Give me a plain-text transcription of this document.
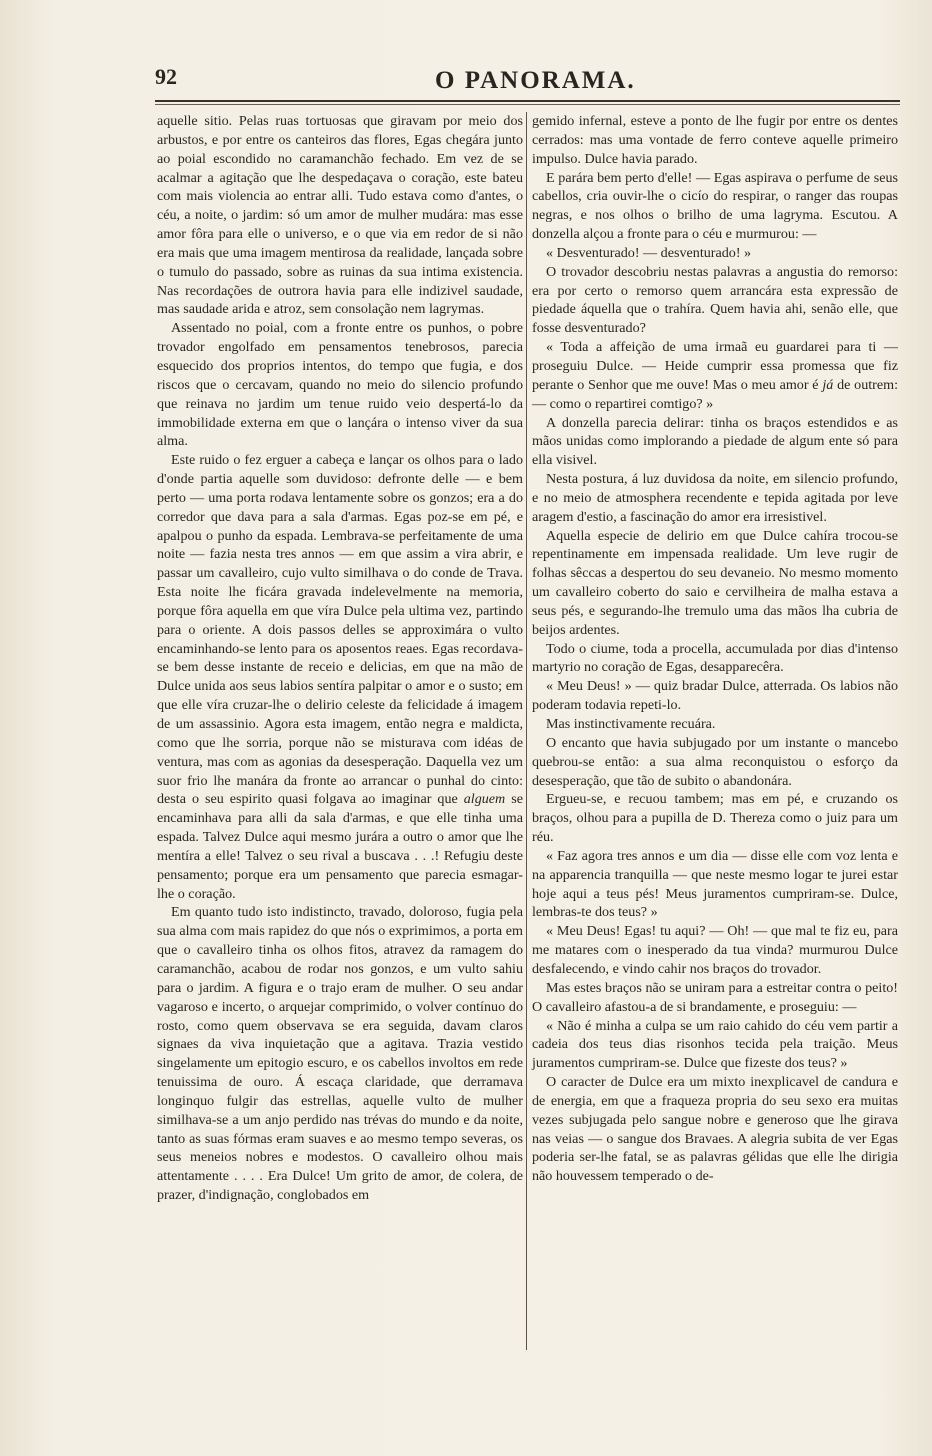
92	O PANORAMA.

aquelle sitio. Pelas ruas tortuosas que giravam por meio dos arbustos, e por entre os canteiros das flores, Egas chegára junto ao poial escondido no caramanchão fechado. Em vez de se acalmar a agitação que lhe despedaçava o coração, este bateu com mais violencia ao entrar alli. Tudo estava como d'antes, o céu, a noite, o jardim: só um amor de mulher mudára: mas esse amor fôra para elle o universo, e o que via em redor de si não era mais que uma imagem mentirosa da realidade, lançada sobre o tumulo do passado, sobre as ruinas da sua intima existencia. Nas recordações de outrora havia para elle indizivel saudade, mas saudade arida e atroz, sem consolação nem lagrymas.

Assentado no poial, com a fronte entre os punhos, o pobre trovador engolfado em pensamentos tenebrosos, parecia esquecido dos proprios intentos, do tempo que fugia, e dos riscos que o cercavam, quando no meio do silencio profundo que reinava no jardim um tenue ruido veio despertá-lo da immobilidade externa em que o lançára o intenso viver da sua alma.

Este ruido o fez erguer a cabeça e lançar os olhos para o lado d'onde partia aquelle som duvidoso: defronte delle — e bem perto — uma porta rodava lentamente sobre os gonzos; era a do corredor que dava para a sala d'armas. Egas poz-se em pé, e apalpou o punho da espada. Lembrava-se perfeitamente de uma noite — fazia nesta tres annos — em que assim a vira abrir, e passar um cavalleiro, cujo vulto similhava o do conde de Trava. Esta noite lhe ficára gravada indelevelmente na memoria, porque fôra aquella em que víra Dulce pela ultima vez, partindo para o oriente. A dois passos delles se approximára o vulto encaminhando-se lento para os aposentos reaes. Egas recordava-se bem desse instante de receio e delicias, em que na mão de Dulce unida aos seus labios sentíra palpitar o amor e o susto; em que elle víra cruzar-lhe o delirio celeste da felicidade á imagem de um assassinio. Agora esta imagem, então negra e maldicta, como que lhe sorria, porque não se misturava com idéas de ventura, mas com as agonias da desesperação. Daquella vez um suor frio lhe manára da fronte ao arrancar o punhal do cinto: desta o seu espirito quasi folgava ao imaginar que alguem se encaminhava para alli da sala d'armas, e que elle tinha uma espada. Talvez Dulce aqui mesmo jurára a outro o amor que lhe mentíra a elle! Talvez o seu rival a buscava . . .! Refugiu deste pensamento; porque era um pensamento que parecia esmagar-lhe o coração.

Em quanto tudo isto indistincto, travado, doloroso, fugia pela sua alma com mais rapidez do que nós o exprimimos, a porta em que o cavalleiro tinha os olhos fitos, atravez da ramagem do caramanchão, acabou de rodar nos gonzos, e um vulto sahiu para o jardim. A figura e o trajo eram de mulher. O seu andar vagaroso e incerto, o arquejar comprimido, o volver contínuo do rosto, como quem observava se era seguida, davam claros signaes da viva inquietação que a agitava. Trazia vestido singelamente um epitogio escuro, e os cabellos involtos em rede tenuissima de ouro. Á escaça claridade, que derramava longinquo fulgir das estrellas, aquelle vulto de mulher similhava-se a um anjo perdido nas trévas do mundo e da noite, tanto as suas fórmas eram suaves e ao mesmo tempo severas, os seus meneios nobres e modestos. O cavalleiro olhou mais attentamente . . . . Era Dulce! Um grito de amor, de colera, de prazer, d'indignação, conglobados em

gemido infernal, esteve a ponto de lhe fugir por entre os dentes cerrados: mas uma vontade de ferro conteve aquelle primeiro impulso. Dulce havia parado.

E parára bem perto d'elle! — Egas aspirava o perfume de seus cabellos, cria ouvir-lhe o cicío do respirar, o ranger das roupas negras, e nos olhos o brilho de uma lagryma. Escutou. A donzella alçou a fronte para o céu e murmurou: —

« Desventurado! — desventurado! »

O trovador descobriu nestas palavras a angustia do remorso: era por certo o remorso quem arrancára esta expressão de piedade áquella que o trahíra. Quem havia ahi, senão elle, que fosse desventurado?

« Toda a affeição de uma irmaã eu guardarei para ti — proseguiu Dulce. — Heide cumprir essa promessa que fiz perante o Senhor que me ouve! Mas o meu amor é já de outrem: — como o repartirei comtigo? »

A donzella parecia delirar: tinha os braços estendidos e as mãos unidas como implorando a piedade de algum ente só para ella visivel.

Nesta postura, á luz duvidosa da noite, em silencio profundo, e no meio de atmosphera recendente e tepida agitada por leve aragem d'estio, a fascinação do amor era irresistivel.

Aquella especie de delirio em que Dulce cahíra trocou-se repentinamente em impensada realidade. Um leve rugir de folhas sêccas a despertou do seu devaneio. No mesmo momento um cavalleiro coberto do saio e cervilheira de malha estava a seus pés, e segurando-lhe tremulo uma das mãos lha cubria de beijos ardentes.

Todo o ciume, toda a procella, accumulada por dias d'intenso martyrio no coração de Egas, desapparecêra.

« Meu Deus! » — quiz bradar Dulce, atterrada. Os labios não poderam todavia repeti-lo.

Mas instinctivamente recuára.

O encanto que havia subjugado por um instante o mancebo quebrou-se então: a sua alma reconquistou o esforço da desesperação, que tão de subito o abandonára.

Ergueu-se, e recuou tambem; mas em pé, e cruzando os braços, olhou para a pupilla de D. Thereza como o juiz para um réu.

« Faz agora tres annos e um dia — disse elle com voz lenta e na apparencia tranquilla — que neste mesmo logar te jurei estar hoje aqui a teus pés! Meus juramentos cumpriram-se. Dulce, lembras-te dos teus? »

« Meu Deus! Egas! tu aqui? — Oh! — que mal te fiz eu, para me matares com o inesperado da tua vinda? murmurou Dulce desfalecendo, e vindo cahir nos braços do trovador.

Mas estes braços não se uniram para a estreitar contra o peito! O cavalleiro afastou-a de si brandamente, e proseguiu: —

« Não é minha a culpa se um raio cahido do céu vem partir a cadeia dos teus dias risonhos tecida pela traição. Meus juramentos cumpriram-se. Dulce que fizeste dos teus? »

O caracter de Dulce era um mixto inexplicavel de candura e de energia, em que a fraqueza propria do seu sexo era muitas vezes subjugada pelo sangue nobre e generoso que lhe girava nas veias — o sangue dos Bravaes. A alegria subita de ver Egas poderia ser-lhe fatal, se as palavras gélidas que elle lhe dirigia não houvessem temperado o de-
